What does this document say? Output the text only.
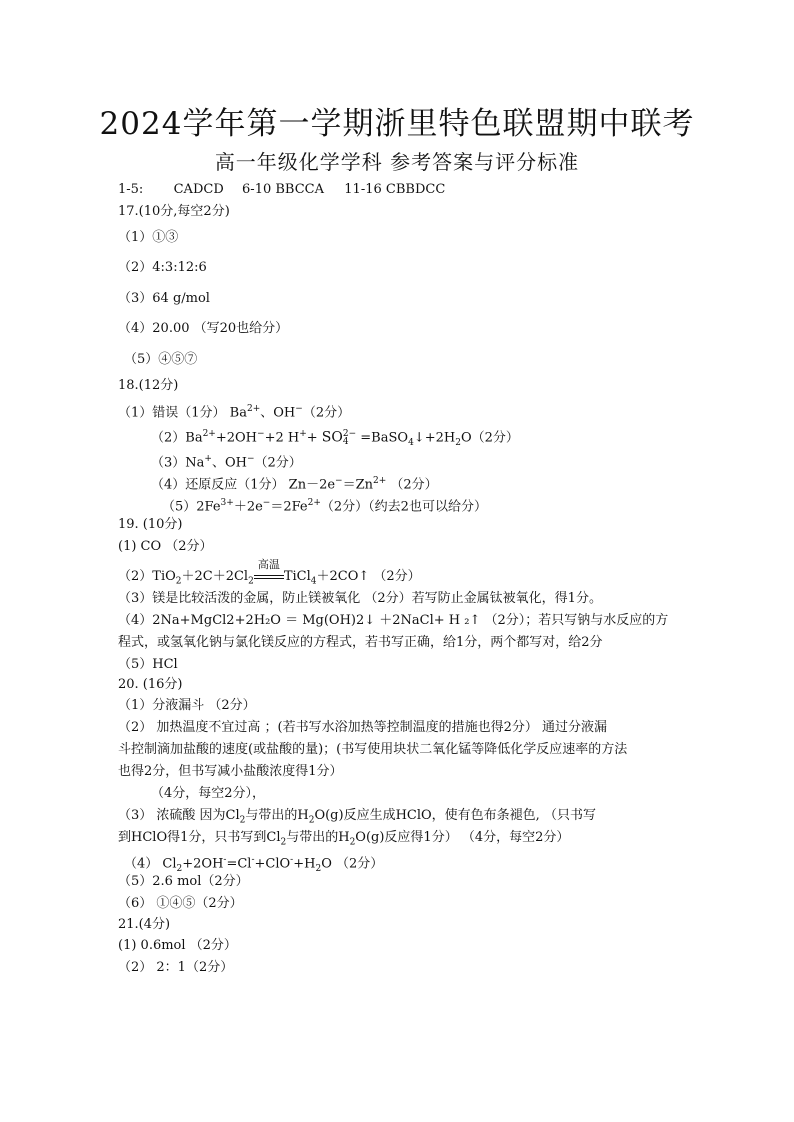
2024学年第一学期浙里特色联盟期中联考
高一年级化学学科 参考答案与评分标准
1-5: CADCD 6-10 BBCCA 11-16 CBBDCC
17.(10分,每空2分)
（1）①③
（2）4:3:12:6
（3）64 g/mol
（4）20.00 （写20也给分）
（5）④⑤⑦
18.(12分)
（1）错误（1分） $Ba^{2+}$、OH−（2分）
$(2)Ba^{2+}+2OH^-+2$ H++ SO 2−
$4 =BaSO_4↓+2H_2O(2$分）
（3）Na+、OH−（2分）
（4）还原反应（1分） $Zn-2e^-=Zn^{2+}$ （2分）
$(5)2Fe^{3+}+2e^-=2Fe^{2+}(2$分）（约去2也可以给分）
19. (10分)
(1) CO （2分）
$(2)TiO_2+2C+2Cl_2$
高温
TiCl$_4$＋2CO↑ （2分）
（3）镁是比较活泼的金属，防止镁被氧化 （2分）若写防止金属钛被氧化，得1分。
（4）2Na+MgCl2+2H₂O ＝ Mg(OH)2↓ ＋2NaCl+ H ₂↑ （2分）；若只写钠与水反应的方
程式，或氢氧化钠与氯化镁反应的方程式，若书写正确，给1分，两个都写对，给2分
（5）HCl
20. (16分)
（1）分液漏斗 （2分）
（2） 加热温度不宜过高 ；(若书写水浴加热等控制温度的措施也得2分） 通过分液漏
斗控制滴加盐酸的速度(或盐酸的量)；(书写使用块状二氧化锰等降低化学反应速率的方法
也得2分，但书写减小盐酸浓度得1分）
（4分，每空2分），
（3） 浓硫酸 因为$Cl_2$与带出的$H_2O(g)$反应生成HClO，使有色布条褪色, （只书写
到HClO得1分，只书写到$Cl_2$与带出的$H_2O(g)$反应得1分） （4分，每空2分）
（4） $Cl_2+2OH^-=Cl^-+ClO^-+H_2O$ （2分）
（5）2.6 mol（2分）
（6） ①④⑤（2分）
21.(4分)
(1) 0.6mol （2分）
（2） 2：1（2分）
